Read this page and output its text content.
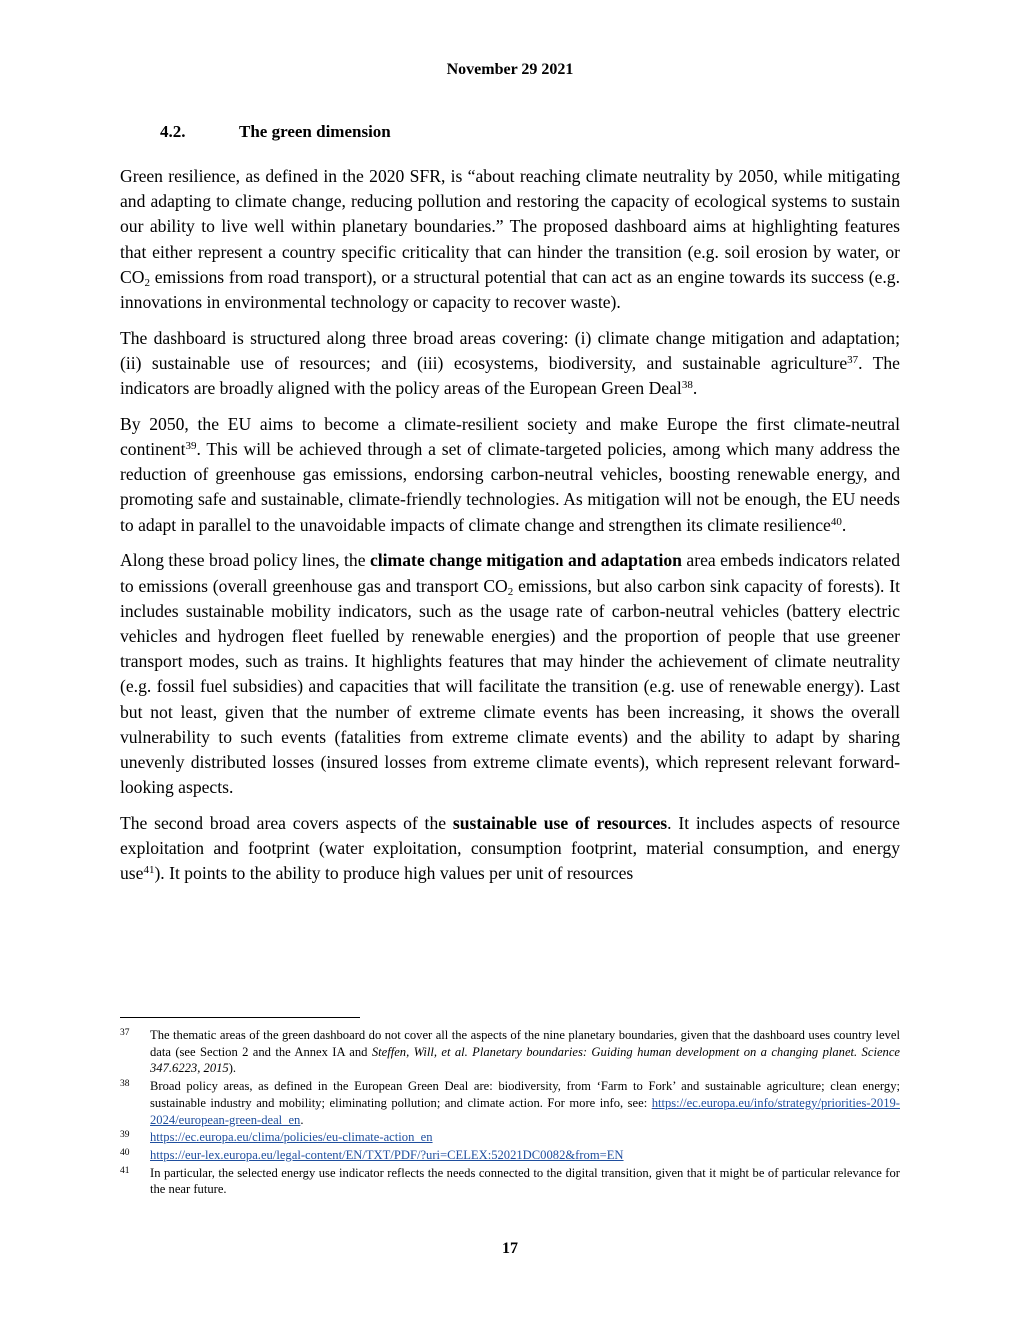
November 29 2021
4.2.	The green dimension

Green resilience, as defined in the 2020 SFR, is “about reaching climate neutrality by 2050, while mitigating and adapting to climate change, reducing pollution and restoring the capacity of ecological systems to sustain our ability to live well within planetary boundaries.” The proposed dashboard aims at highlighting features that either represent a country specific criticality that can hinder the transition (e.g. soil erosion by water, or $CO_2$ emissions from road transport), or a structural potential that can act as an engine towards its success (e.g. innovations in environmental technology or capacity to recover waste).

The dashboard is structured along three broad areas covering: (i) climate change mitigation and adaptation; (ii) sustainable use of resources; and (iii) ecosystems, biodiversity, and sustainable agriculture$^{37}$. The indicators are broadly aligned with the policy areas of the European Green Deal$^{38}$.

By 2050, the EU aims to become a climate-resilient society and make Europe the first climate-neutral continent$^{39}$. This will be achieved through a set of climate-targeted policies, among which many address the reduction of greenhouse gas emissions, endorsing carbon-neutral vehicles, boosting renewable energy, and promoting safe and sustainable, climate-friendly technologies. As mitigation will not be enough, the EU needs to adapt in parallel to the unavoidable impacts of climate change and strengthen its climate resilience$^{40}$.

Along these broad policy lines, the climate change mitigation and adaptation area embeds indicators related to emissions (overall greenhouse gas and transport $CO_2$ emissions, but also carbon sink capacity of forests). It includes sustainable mobility indicators, such as the usage rate of carbon-neutral vehicles (battery electric vehicles and hydrogen fleet fuelled by renewable energies) and the proportion of people that use greener transport modes, such as trains. It highlights features that may hinder the achievement of climate neutrality (e.g. fossil fuel subsidies) and capacities that will facilitate the transition (e.g. use of renewable energy). Last but not least, given that the number of extreme climate events has been increasing, it shows the overall vulnerability to such events (fatalities from extreme climate events) and the ability to adapt by sharing unevenly distributed losses (insured losses from extreme climate events), which represent relevant forward-looking aspects.

The second broad area covers aspects of the sustainable use of resources. It includes aspects of resource exploitation and footprint (water exploitation, consumption footprint, material consumption, and energy use$^{41}$). It points to the ability to produce high values per unit of resources

37	The thematic areas of the green dashboard do not cover all the aspects of the nine planetary boundaries, given that the dashboard uses country level data (see Section 2 and the Annex IA and Steffen, Will, et al. Planetary boundaries: Guiding human development on a changing planet. Science 347.6223, 2015).
38	Broad policy areas, as defined in the European Green Deal are: biodiversity, from ‘Farm to Fork’ and sustainable agriculture; clean energy; sustainable industry and mobility; eliminating pollution; and climate action. For more info, see: https://ec.europa.eu/info/strategy/priorities-2019-2024/european-green-deal_en.
39	https://ec.europa.eu/clima/policies/eu-climate-action_en
40	https://eur-lex.europa.eu/legal-content/EN/TXT/PDF/?uri=CELEX:52021DC0082&from=EN
41	In particular, the selected energy use indicator reflects the needs connected to the digital transition, given that it might be of particular relevance for the near future.
17
